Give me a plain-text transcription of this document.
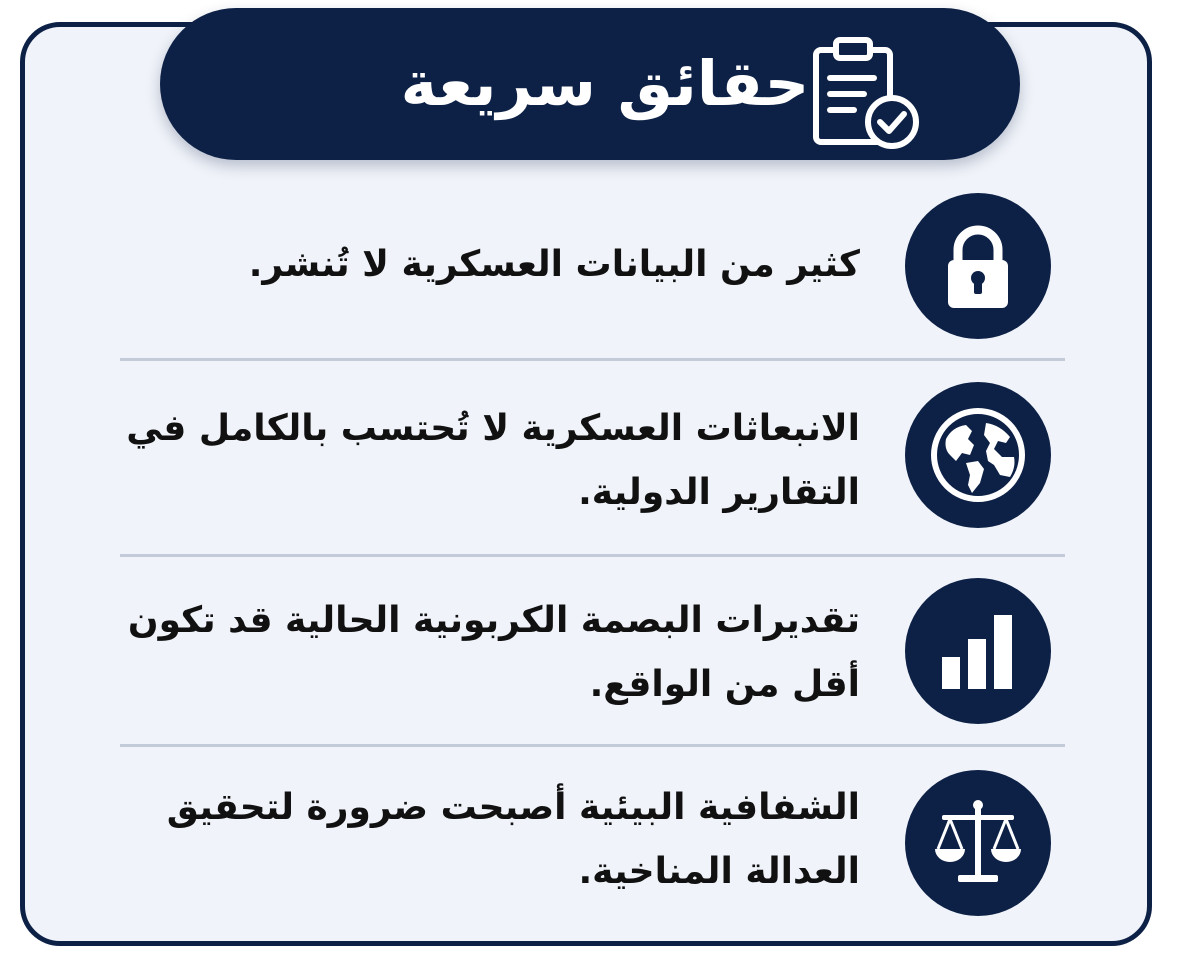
حقائق سريعة
كثير من البيانات العسكرية لا تُنشر.
الانبعاثات العسكرية لا تُحتسب بالكامل في التقارير الدولية.
تقديرات البصمة الكربونية الحالية قد تكون أقل من الواقع.
الشفافية البيئية أصبحت ضرورة لتحقيق العدالة المناخية.
